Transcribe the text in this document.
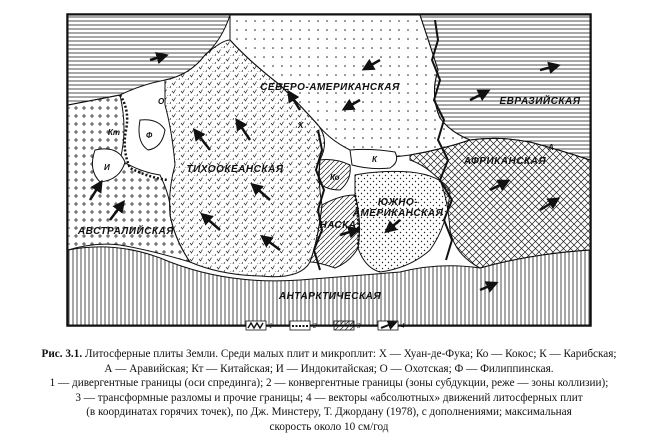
СЕВЕРО-АМЕРИКАНСКАЯ
ЕВРАЗИЙСКАЯ
ТИХООКЕАНСКАЯ
АФРИКАНСКАЯ
ЮЖНО-
АМЕРИКАНСКАЯ
НАСКА
АВСТРАЛИЙСКАЯ
АНТАРКТИЧЕСКАЯ
Кт
И
О
Ф
А
К
Ко
Х
1	2	3	4
Рис. 3.1. Литосферные плиты Земли. Среди малых плит и микроплит: Х — Хуан-де-Фука; Ко — Кокос; К — Карибская;
А — Аравийская; Кт — Китайская; И — Индокитайская; О — Охотская; Ф — Филиппинская.
1 — дивергентные границы (оси спрединга); 2 — конвергентные границы (зоны субдукции, реже — зоны коллизии);
3 — трансформные разломы и прочие границы; 4 — векторы «абсолютных» движений литосферных плит
(в координатах горячих точек), по Дж. Минстеру, Т. Джордану (1978), с дополнениями; максимальная
скорость около 10 см/год
